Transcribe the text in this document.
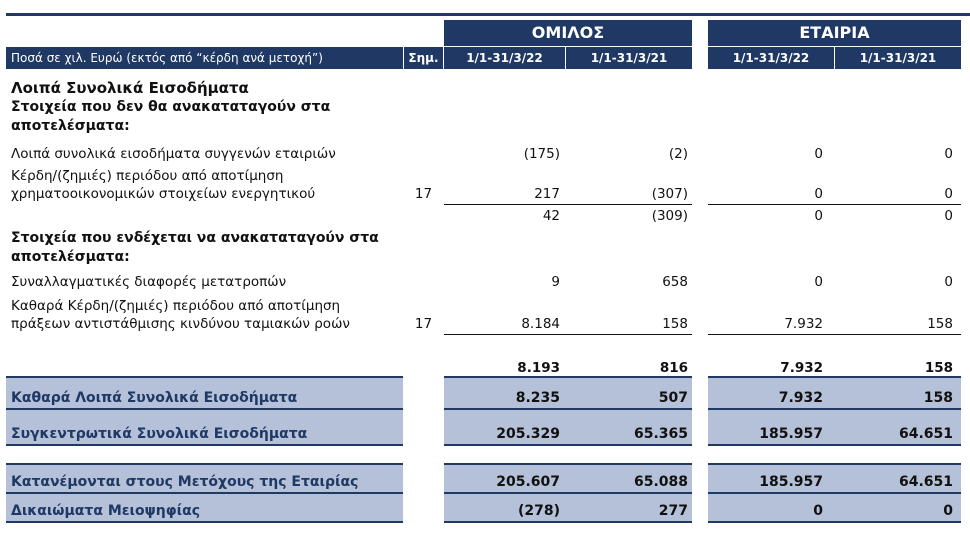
ΟΜΙΛΟΣ	ΕΤΑΙΡΙΑ
Ποσά σε χιλ. Ευρώ (εκτός από “κέρδη ανά μετοχή”)	Σημ.	1/1-31/3/22	1/1-31/3/21	1/1-31/3/22	1/1-31/3/21
Λοιπά Συνολικά Εισοδήματα
Στοιχεία που δεν θα ανακαταταγούν στα αποτελέσματα:
Λοιπά συνολικά εισοδήματα συγγενών εταιριών	(175)	(2)	0	0
Κέρδη/(ζημιές) περιόδου από αποτίμηση χρηματοοικονομικών στοιχείων ενεργητικού	17	217	(307)	0	0
42	(309)	0	0
Στοιχεία που ενδέχεται να ανακαταταγούν στα αποτελέσματα:
Συναλλαγματικές διαφορές μετατροπών	9	658	0	0
Καθαρά Κέρδη/(ζημιές) περιόδου από αποτίμηση πράξεων αντιστάθμισης κινδύνου ταμιακών ροών	17	8.184	158	7.932	158
8.193	816	7.932	158
Καθαρά Λοιπά Συνολικά Εισοδήματα	8.235	507	7.932	158
Συγκεντρωτικά Συνολικά Εισοδήματα	205.329	65.365	185.957	64.651
Κατανέμονται στους Μετόχους της Εταιρίας	205.607	65.088	185.957	64.651
Δικαιώματα Μειοψηφίας	(278)	277	0	0
